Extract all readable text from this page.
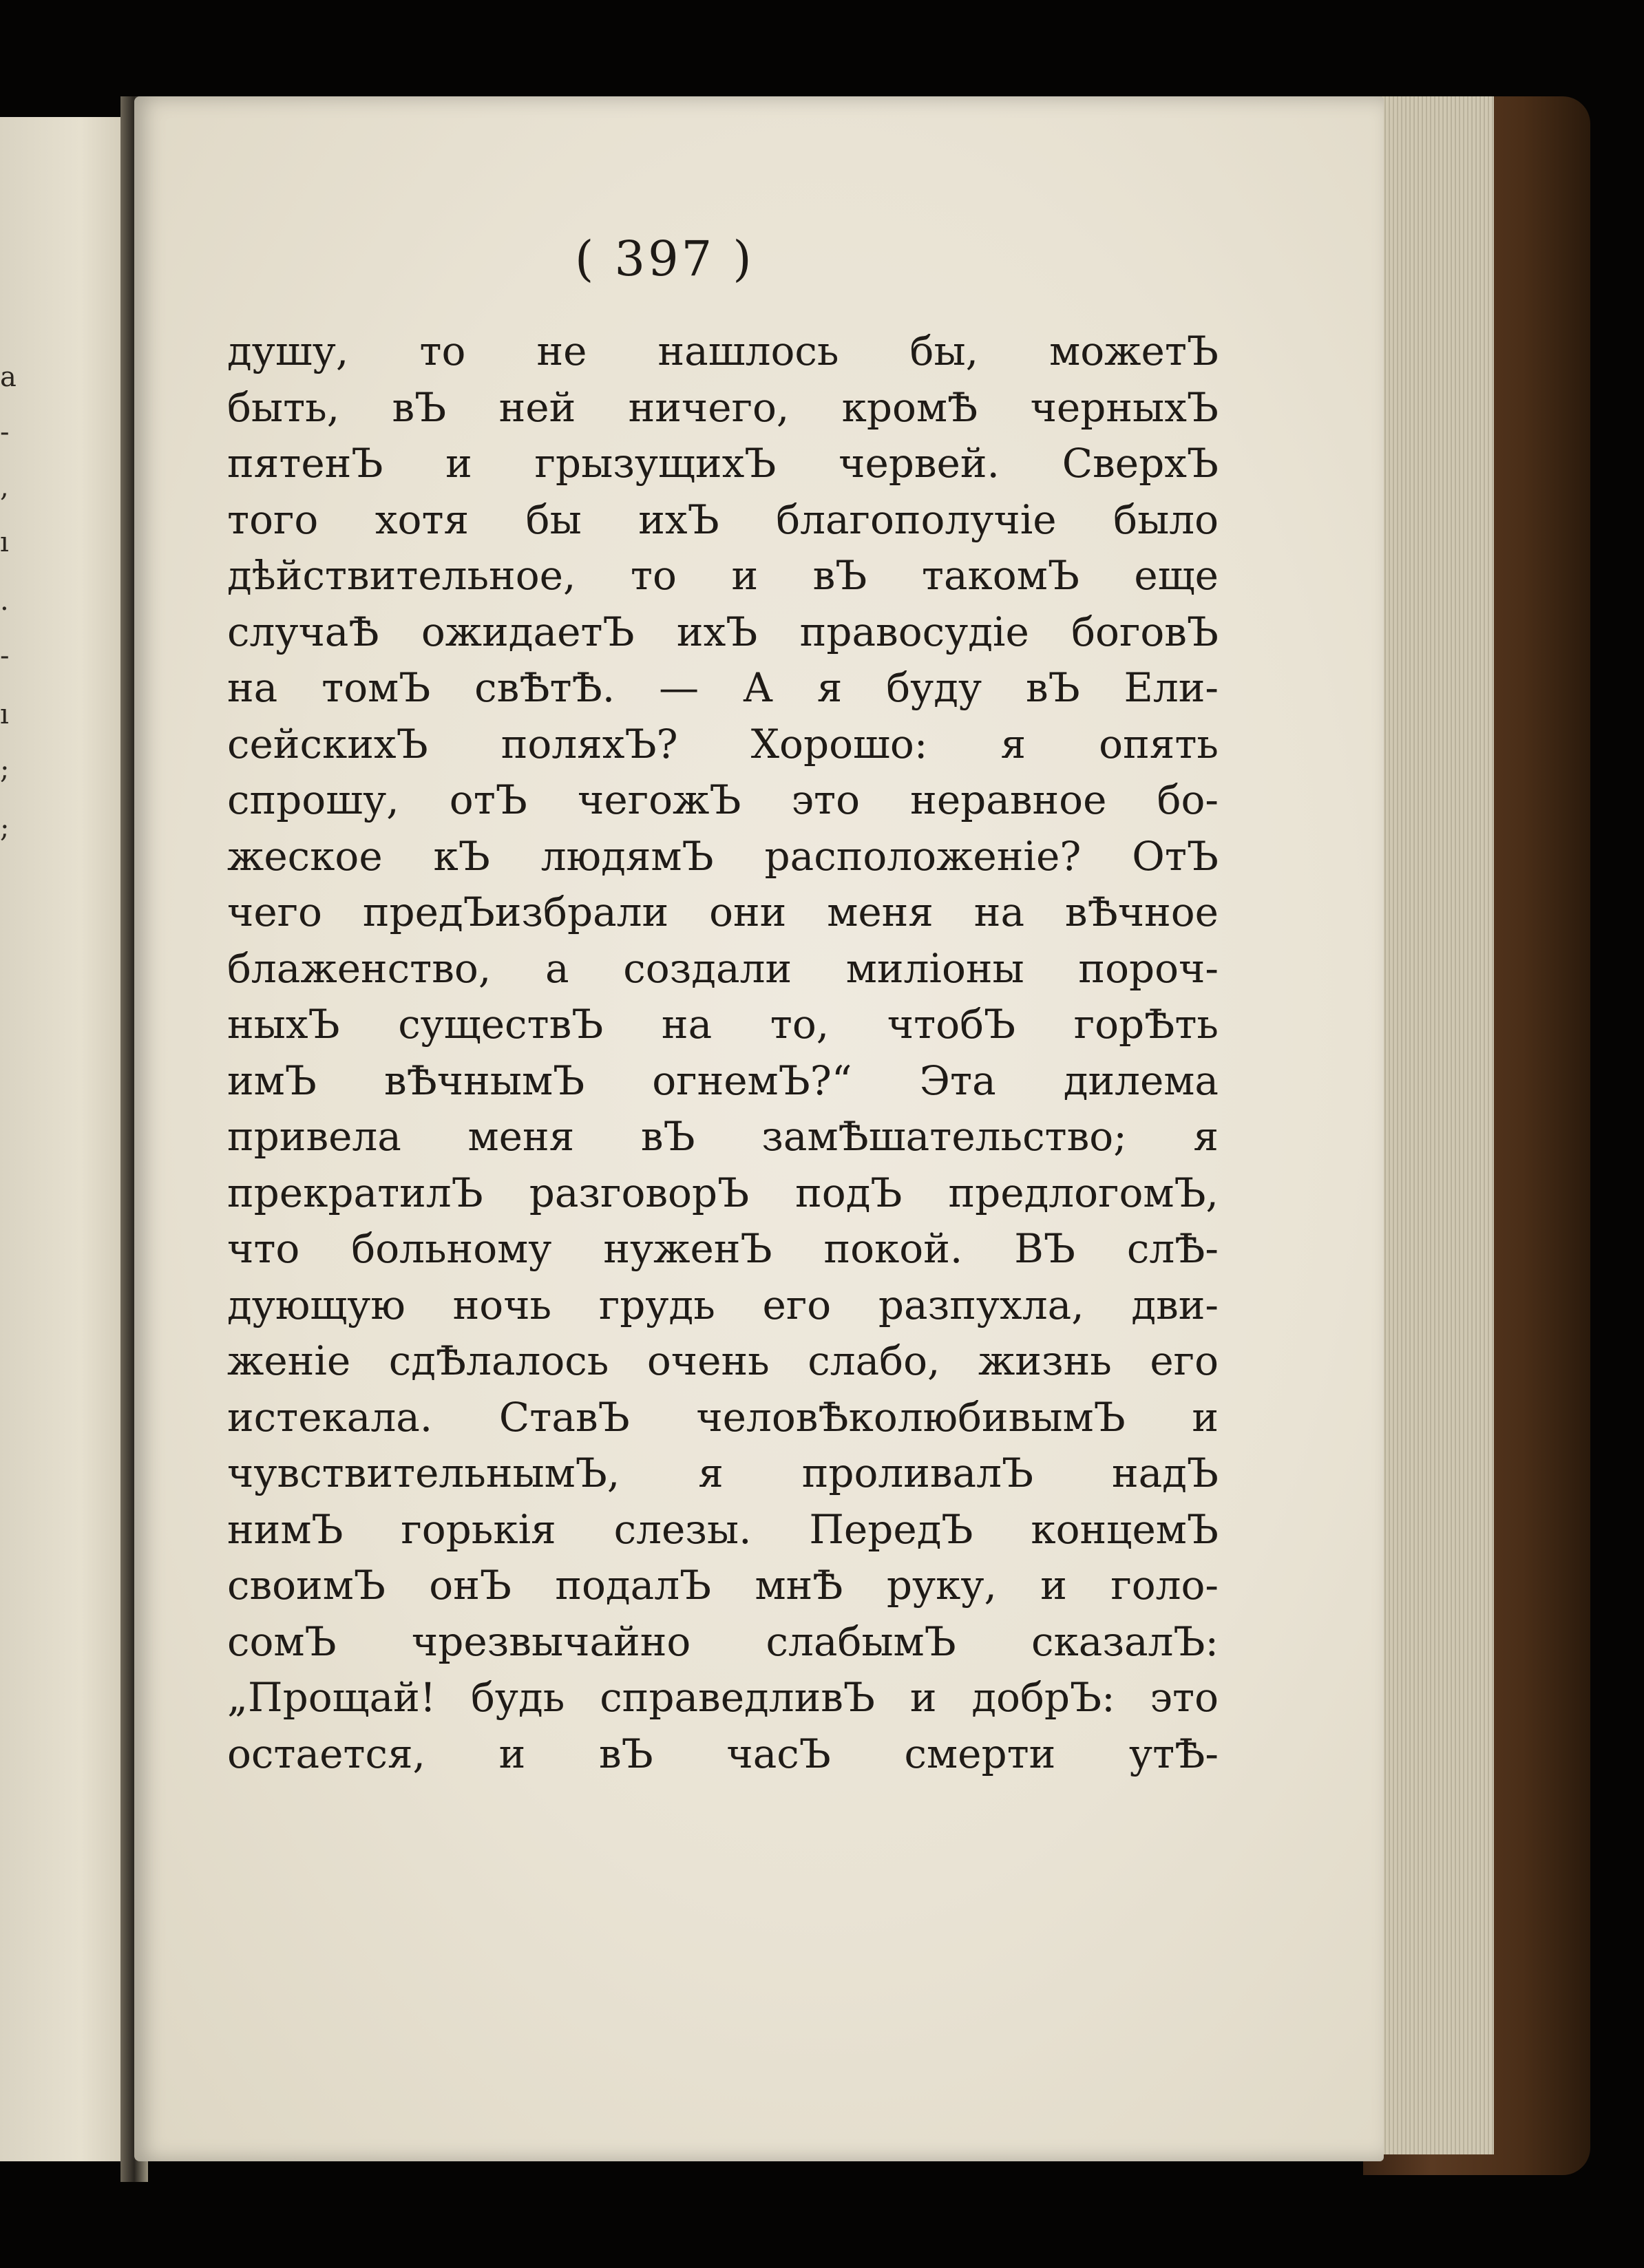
а
-
,
ı
.
-
ı
;
;
( 397 )
душу, то не нашлось бы, можетЪ
быть, вЪ ней ничего, кромѢ черныхЪ
пятенЪ и грызущихЪ червей. СверхЪ
того хотя бы ихЪ благополучіе было
дѣйствительное, то и вЪ такомЪ еще
случаѢ ожидаетЪ ихЪ правосудіе боговЪ
на томЪ свѢтѢ. — А я буду вЪ Ели-
сейскихЪ поляхЪ? Хорошо: я опять
спрошу, отЪ чегожЪ это неравное бо-
жеское кЪ людямЪ расположеніе? ОтЪ
чего предЪизбрали они меня на вѢчное
блаженство, а создали миліоны пороч-
ныхЪ существЪ на то, чтобЪ горѢть
имЪ вѢчнымЪ огнемЪ?“ Эта дилема
привела меня вЪ замѢшательство; я
прекратилЪ разговорЪ подЪ предлогомЪ,
что больному нуженЪ покой. ВЪ слѢ-
дующую ночь грудь его разпухла, дви-
женіе сдѢлалось очень слабо, жизнь его
истекала. СтавЪ человѢколюбивымЪ и
чувствительнымЪ, я проливалЪ надЪ
нимЪ горькія слезы. ПередЪ концемЪ
своимЪ онЪ подалЪ мнѢ руку, и голо-
сомЪ чрезвычайно слабымЪ сказалЪ:
„Прощай! будь справедливЪ и добрЪ: это
остается, и вЪ часЪ смерти утѢ-
